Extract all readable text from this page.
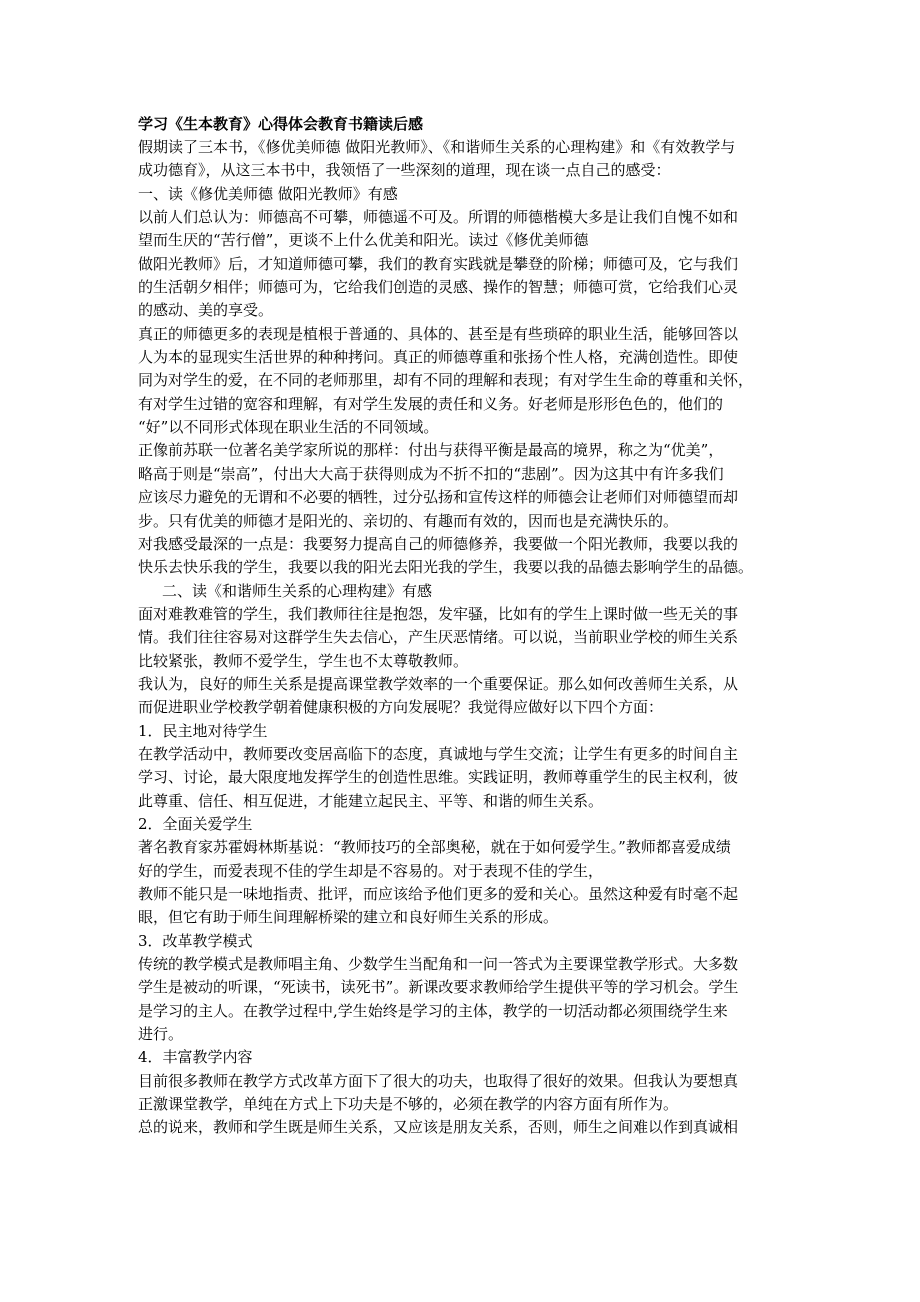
学习《生本教育》心得体会教育书籍读后感

假期读了三本书，《修优美师德 做阳光教师》、《和谐师生关系的心理构建》和《有效教学与

成功德育》，从这三本书中，我领悟了一些深刻的道理，现在谈一点自己的感受：

一、读《修优美师德 做阳光教师》有感

以前人们总认为：师德高不可攀，师德遥不可及。所谓的师德楷模大多是让我们自愧不如和

望而生厌的“苦行僧”，更谈不上什么优美和阳光。读过《修优美师德

做阳光教师》后，才知道师德可攀，我们的教育实践就是攀登的阶梯；师德可及，它与我们

的生活朝夕相伴；师德可为，它给我们创造的灵感、操作的智慧；师德可赏，它给我们心灵

的感动、美的享受。

真正的师德更多的表现是植根于普通的、具体的、甚至是有些琐碎的职业生活，能够回答以

人为本的显现实生活世界的种种拷问。真正的师德尊重和张扬个性人格，充满创造性。即使

同为对学生的爱，在不同的老师那里，却有不同的理解和表现；有对学生生命的尊重和关怀，

有对学生过错的宽容和理解，有对学生发展的责任和义务。好老师是形形色色的，他们的

“好”以不同形式体现在职业生活的不同领域。

正像前苏联一位著名美学家所说的那样：付出与获得平衡是最高的境界，称之为“优美”，

略高于则是“崇高”，付出大大高于获得则成为不折不扣的“悲剧”。因为这其中有许多我们

应该尽力避免的无谓和不必要的牺牲，过分弘扬和宣传这样的师德会让老师们对师德望而却

步。只有优美的师德才是阳光的、亲切的、有趣而有效的，因而也是充满快乐的。

对我感受最深的一点是：我要努力提高自己的师德修养，我要做一个阳光教师，我要以我的

快乐去快乐我的学生，我要以我的阳光去阳光我的学生，我要以我的品德去影响学生的品德。

二、读《和谐师生关系的心理构建》有感

面对难教难管的学生，我们教师往往是抱怨，发牢骚，比如有的学生上课时做一些无关的事

情。我们往往容易对这群学生失去信心，产生厌恶情绪。可以说，当前职业学校的师生关系

比较紧张，教师不爱学生，学生也不太尊敬教师。

我认为，良好的师生关系是提高课堂教学效率的一个重要保证。那么如何改善师生关系，从

而促进职业学校教学朝着健康积极的方向发展呢？我觉得应做好以下四个方面：

1．民主地对待学生

在教学活动中，教师要改变居高临下的态度，真诚地与学生交流；让学生有更多的时间自主

学习、讨论，最大限度地发挥学生的创造性思维。实践证明，教师尊重学生的民主权利，彼

此尊重、信任、相互促进，才能建立起民主、平等、和谐的师生关系。

2．全面关爱学生

著名教育家苏霍姆林斯基说：“教师技巧的全部奥秘，就在于如何爱学生。”教师都喜爱成绩

好的学生，而爱表现不佳的学生却是不容易的。对于表现不佳的学生，

教师不能只是一味地指责、批评，而应该给予他们更多的爱和关心。虽然这种爱有时毫不起

眼，但它有助于师生间理解桥梁的建立和良好师生关系的形成。

3．改革教学模式

传统的教学模式是教师唱主角、少数学生当配角和一问一答式为主要课堂教学形式。大多数

学生是被动的听课，“死读书，读死书”。新课改要求教师给学生提供平等的学习机会。学生

是学习的主人。在教学过程中,学生始终是学习的主体，教学的一切活动都必须围绕学生来

进行。

4．丰富教学内容

目前很多教师在教学方式改革方面下了很大的功夫，也取得了很好的效果。但我认为要想真

正激课堂教学，单纯在方式上下功夫是不够的，必须在教学的内容方面有所作为。

总的说来，教师和学生既是师生关系，又应该是朋友关系，否则，师生之间难以作到真诚相
